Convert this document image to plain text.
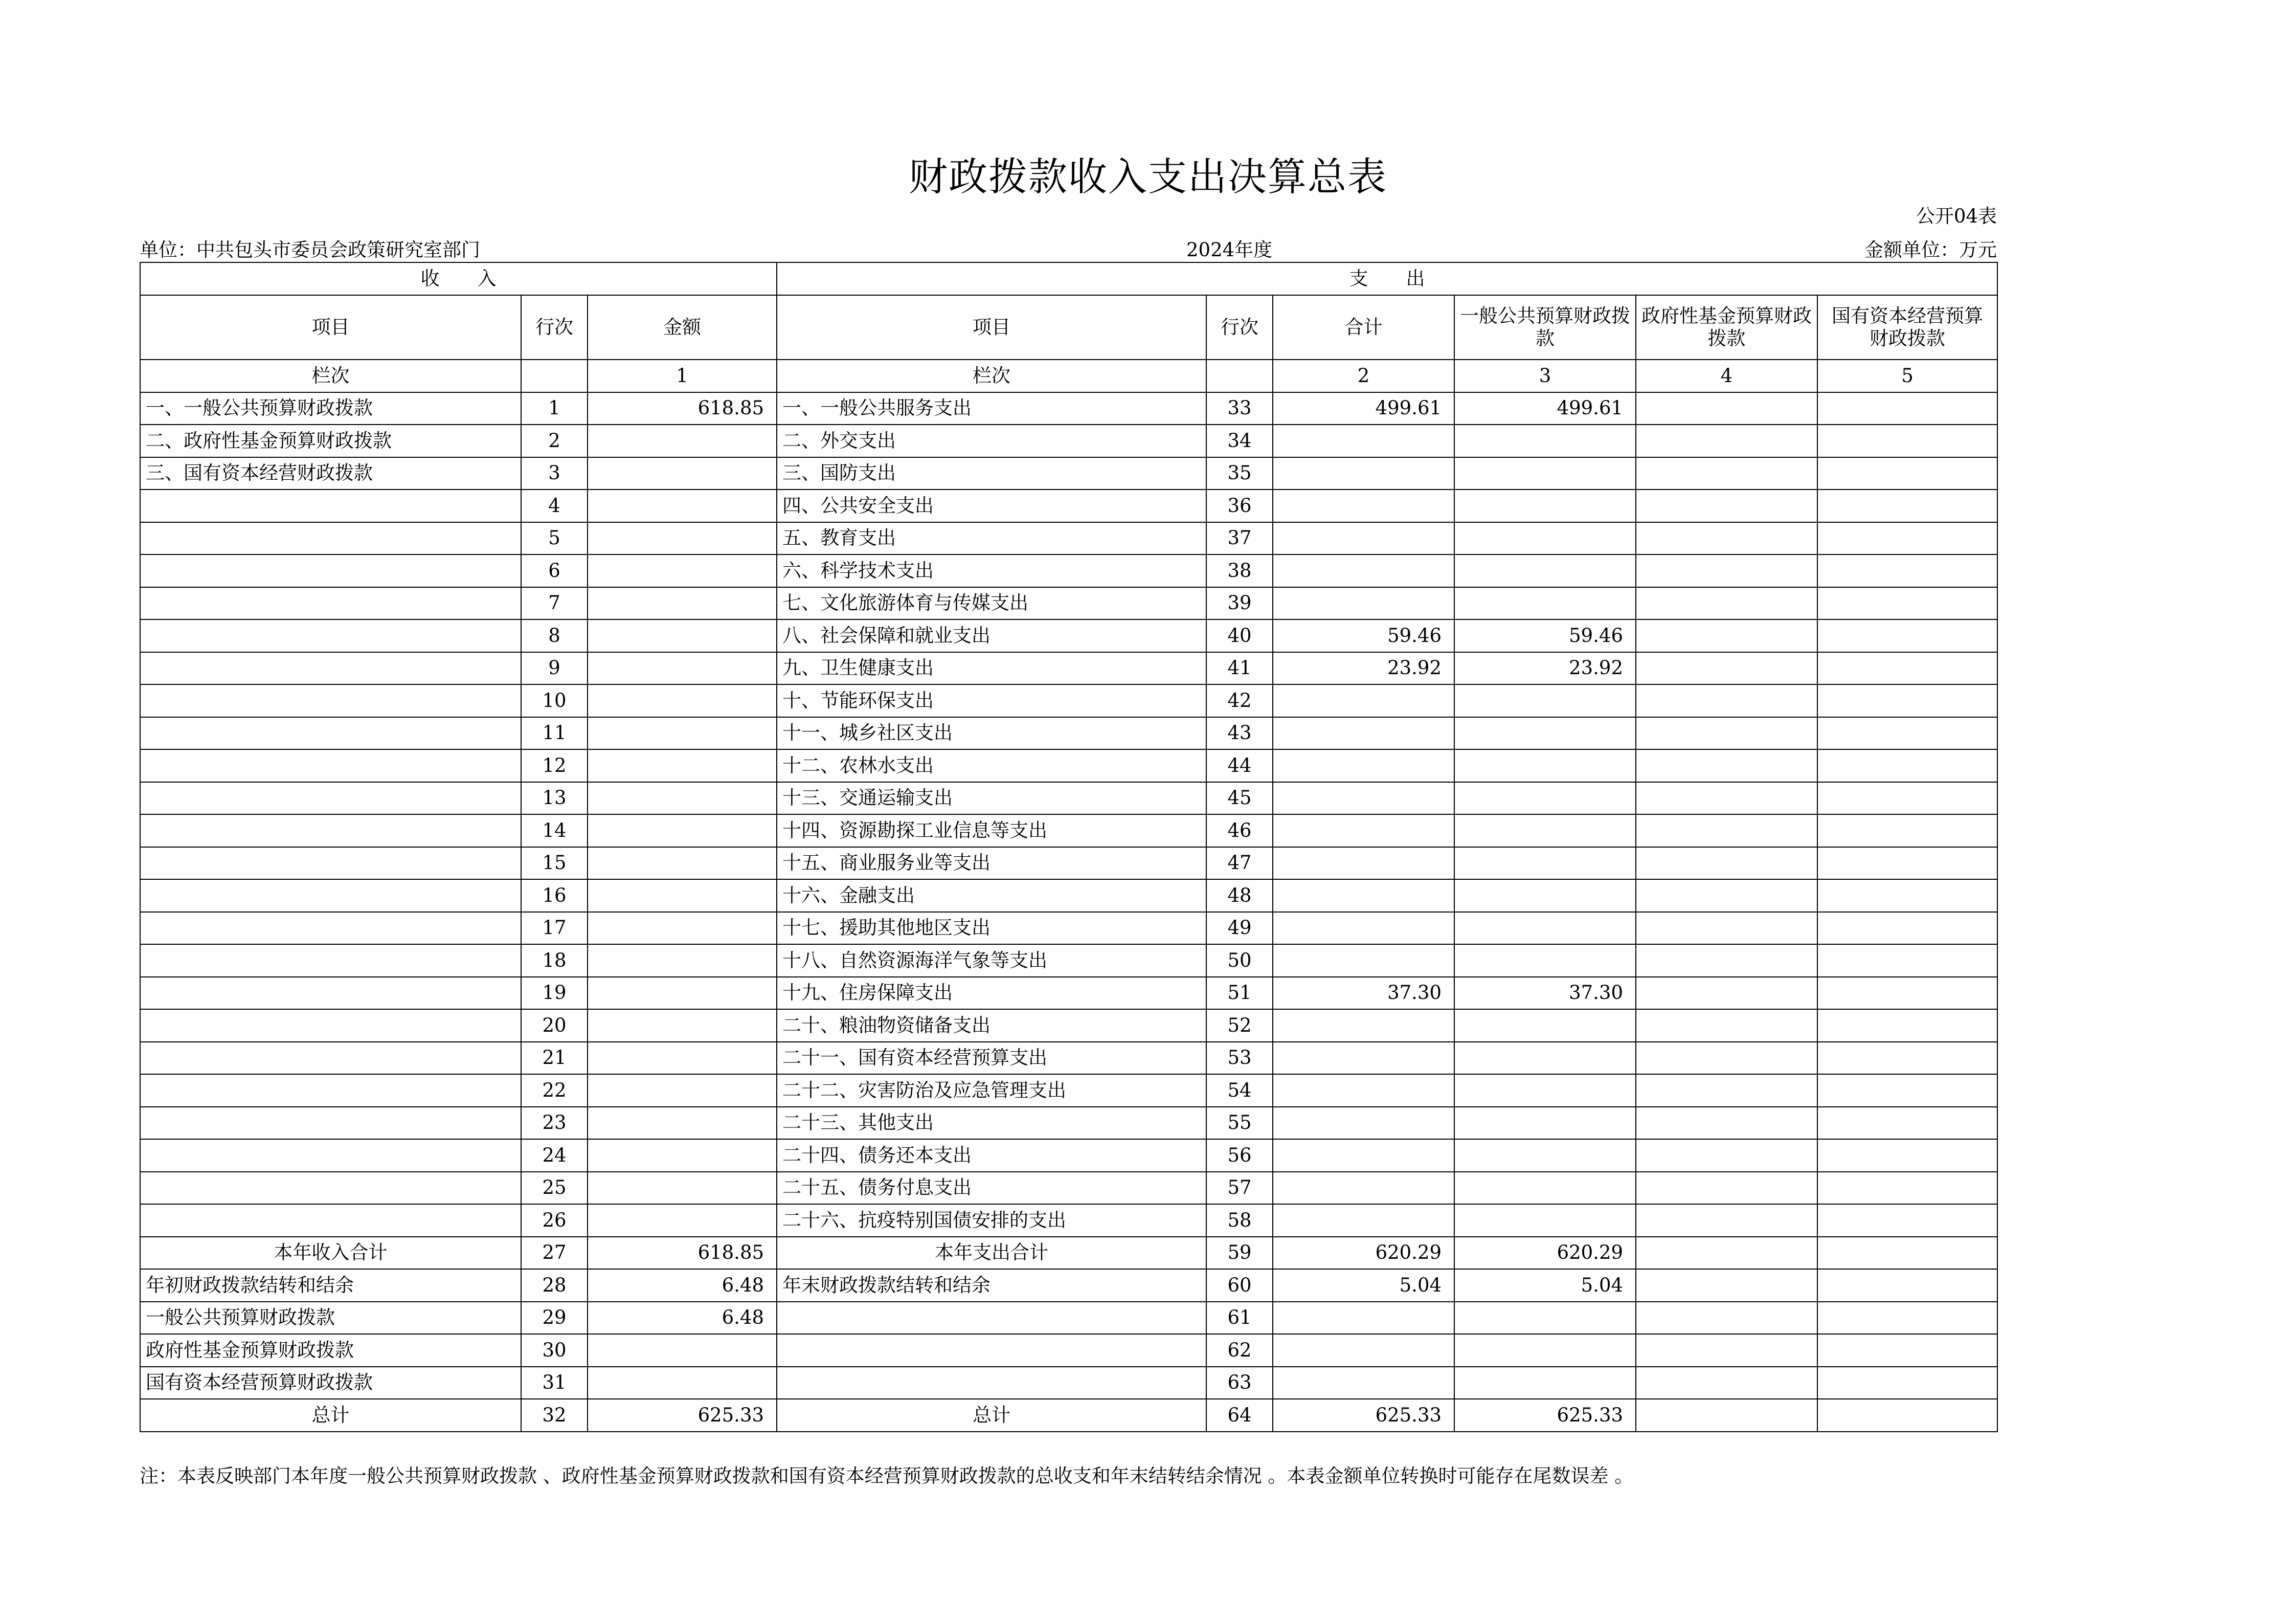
财政拨款收入支出决算总表
公开04表
单位：中共包头市委员会政策研究室部门	2024年度	金额单位：万元
收　　入			支　　出					
项目	行次	金额	项目	行次	合计	一般公共预算财政拨款	政府性基金预算财政拨款	国有资本经营预算财政拨款
栏次		1	栏次		2	3	4	5
一、一般公共预算财政拨款	1	618.85	一、一般公共服务支出	33	499.61	499.61		
二、政府性基金预算财政拨款	2		二、外交支出	34				
三、国有资本经营财政拨款	3		三、国防支出	35				
	4		四、公共安全支出	36				
	5		五、教育支出	37				
	6		六、科学技术支出	38				
	7		七、文化旅游体育与传媒支出	39				
	8		八、社会保障和就业支出	40	59.46	59.46		
	9		九、卫生健康支出	41	23.92	23.92		
	10		十、节能环保支出	42				
	11		十一、城乡社区支出	43				
	12		十二、农林水支出	44				
	13		十三、交通运输支出	45				
	14		十四、资源勘探工业信息等支出	46				
	15		十五、商业服务业等支出	47				
	16		十六、金融支出	48				
	17		十七、援助其他地区支出	49				
	18		十八、自然资源海洋气象等支出	50				
	19		十九、住房保障支出	51	37.30	37.30		
	20		二十、粮油物资储备支出	52				
	21		二十一、国有资本经营预算支出	53				
	22		二十二、灾害防治及应急管理支出	54				
	23		二十三、其他支出	55				
	24		二十四、债务还本支出	56				
	25		二十五、债务付息支出	57				
	26		二十六、抗疫特别国债安排的支出	58				
本年收入合计	27	618.85	本年支出合计	59	620.29	620.29		
年初财政拨款结转和结余	28	6.48	年末财政拨款结转和结余	60	5.04	5.04		
一般公共预算财政拨款	29	6.48		61				
政府性基金预算财政拨款	30			62				
国有资本经营预算财政拨款	31			63				
总计	32	625.33	总计	64	625.33	625.33		
注：本表反映部门本年度一般公共预算财政拨款 、政府性基金预算财政拨款和国有资本经营预算财政拨款的总收支和年末结转结余情况 。本表金额单位转换时可能存在尾数误差 。
